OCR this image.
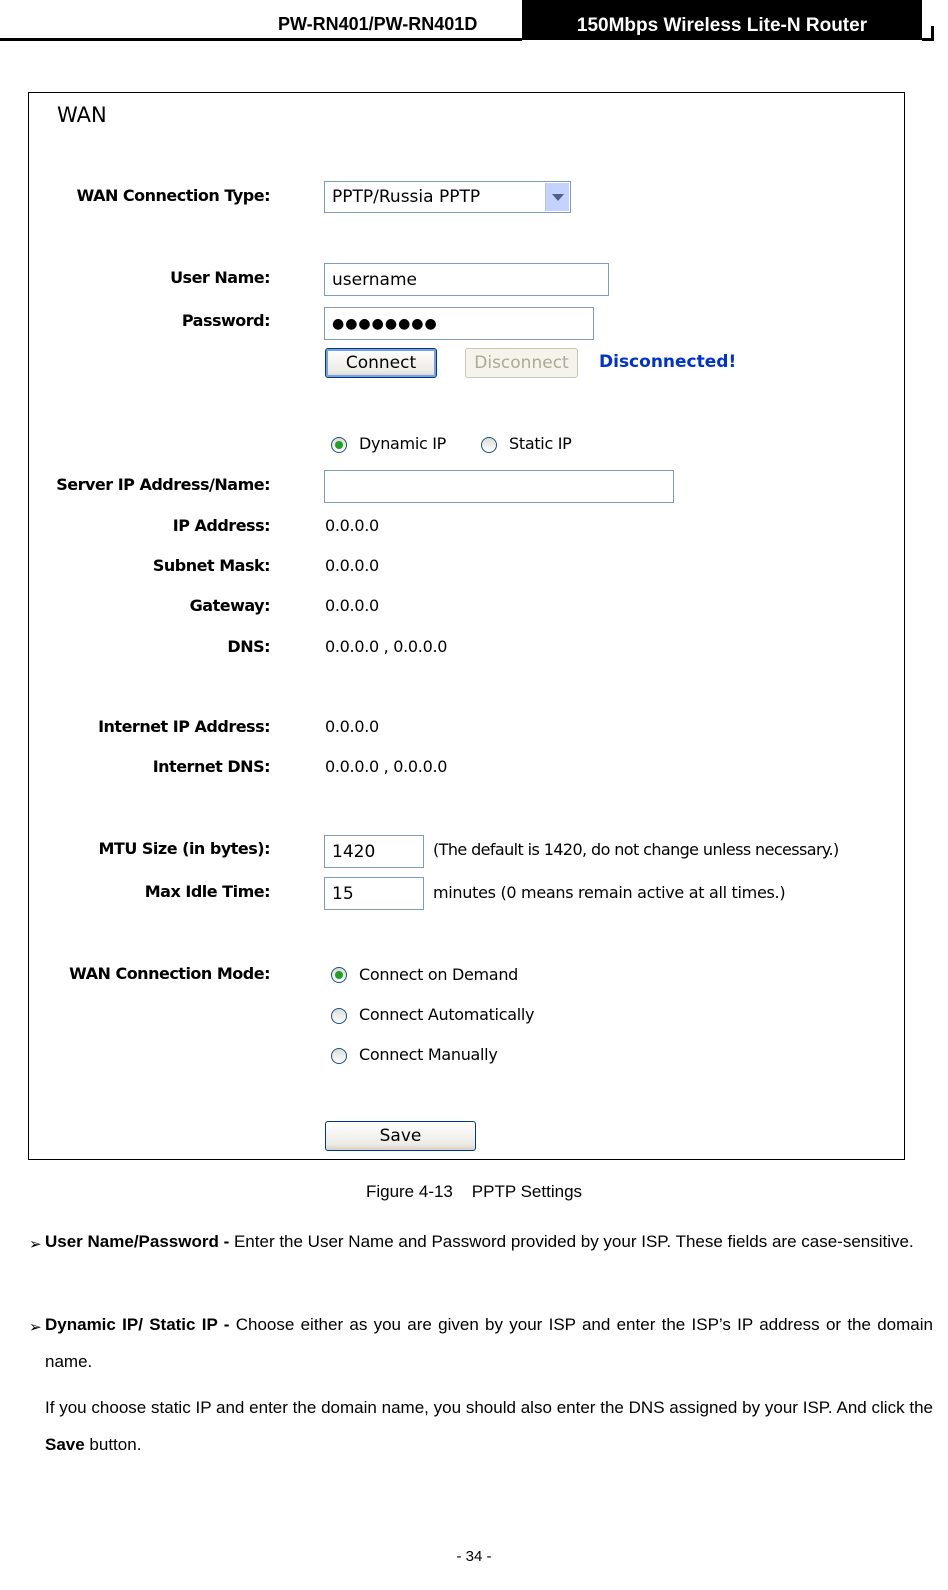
PW-RN401/PW-RN401D	150Mbps Wireless Lite-N Router
WAN
WAN Connection Type:	PPTP/Russia PPTP
User Name:
username
Password:
●●●●●●●●
Connect	Disconnect	Disconnected!
Dynamic IP	Static IP
Server IP Address/Name:
IP Address:	0.0.0.0
Subnet Mask:	0.0.0.0
Gateway:	0.0.0.0
DNS:	0.0.0.0 , 0.0.0.0
Internet IP Address:	0.0.0.0
Internet DNS:	0.0.0.0 , 0.0.0.0
MTU Size (in bytes):
1420	(The default is 1420, do not change unless necessary.)
Max Idle Time:
15	minutes (0 means remain active at all times.)
WAN Connection Mode:	Connect on Demand
Connect Automatically
Connect Manually
Save
Figure 4-13    PPTP Settings
➢ User Name/Password - Enter the User Name and Password provided by your ISP. These fields are case-sensitive.
➢ Dynamic IP/ Static IP - Choose either as you are given by your ISP and enter the ISP’s IP address or the domain name.
If you choose static IP and enter the domain name, you should also enter the DNS assigned by your ISP. And click the Save button.
- 34 -
